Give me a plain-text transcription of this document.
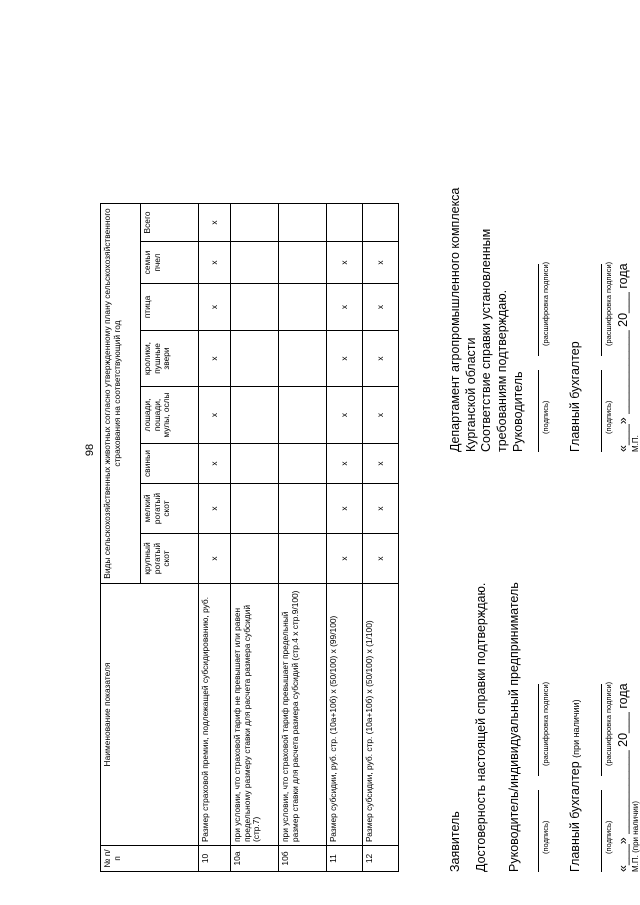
98
№ п/п	Наименование показателя	Виды сельскохозяйственных животных согласно утвержденному плану сельскохозяйственного страхования на соответствующий год							
		крупный рогатый скот	мелкий рогатый скот	свиньи	лошади, пошади, мулы, ослы	кролики, пушные звери	птица	семьи пчел	Всего
10	Размер страховой премии, подлежащей субсидированию, руб.	x	x	x	x	x	x	x	x
10а	при условии, что страховой тариф не превышает или равен предельному размеру ставки для расчета размера субсидий (стр.7)								
10б	при условии, что страховой тариф превышает предельный размер ставки для расчета размера субсидий (стр.4 x стр.9/100)								
11	Размер субсидии, руб. стр. (10а+10б) x (50/100) x (99/100)	x	x	x	x	x	x	x	
12	Размер субсидии, руб. стр. (10а+10б) x (50/100) x (1/100)	x	x	x	x	x	x	x	
Заявитель Достоверность настоящей справки подтверждаю. Руководитель/индивидуальный предприниматель	(подпись)
(расшифровка подписи)
Главный бухгалтер (при наличии)
(подпись)
(расшифровка подписи) «___» ____________ 20___ года М.П. (при наличии)
Департамент агропромышленного комплекса Курганской области Соответствие справки установленным требованиям подтверждаю. Руководитель (подпись)
(расшифровка подписи)
Главный бухгалтер	(подпись)
(расшифровка подписи) «___» ____________ 20___ года М.П.
